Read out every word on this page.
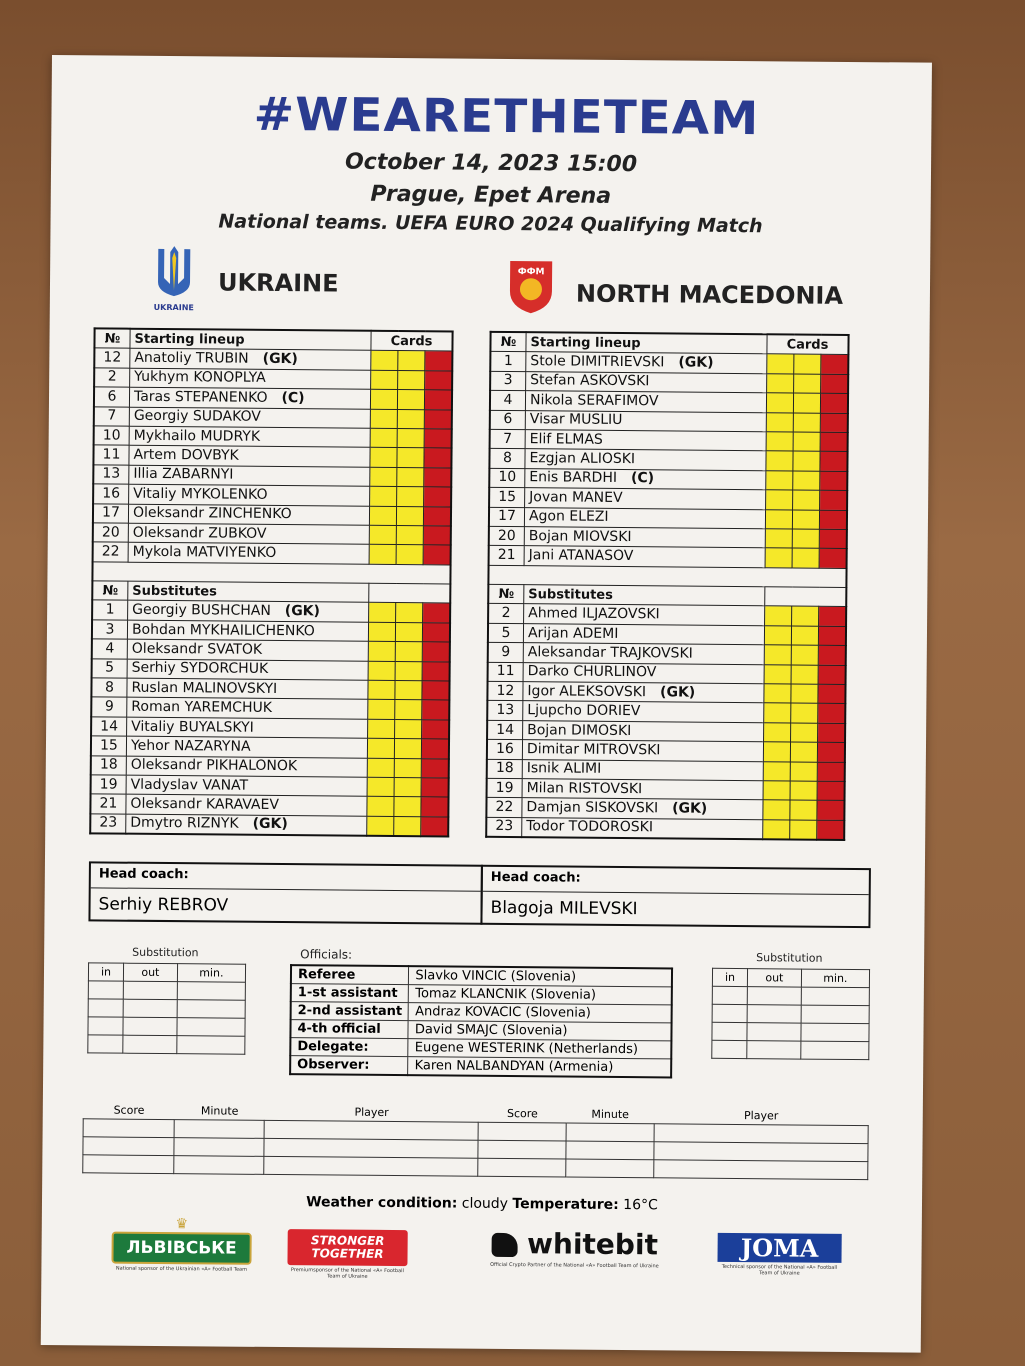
#WEARETHETEAM
October 14, 2023 15:00
Prague, Epet Arena
National teams. UEFA EURO 2024 Qualifying Match
UKRAINE
UKRAINE	ФФМ
NORTH MACEDONIA
№	Starting lineup	Cards		
12	Anatoliy TRUBIN (GK)			
2	Yukhym KONOPLYA			
6	Taras STEPANENKO (C)			
7	Georgiy SUDAKOV			
10	Mykhailo MUDRYK			
11	Artem DOVBYK			
13	Illia ZABARNYI			
16	Vitaliy MYKOLENKO			
17	Oleksandr ZINCHENKO			
20	Oleksandr ZUBKOV			
22	Mykola MATVIYENKO			

№	Substitutes			
1	Georgiy BUSHCHAN (GK)			
3	Bohdan MYKHAILICHENKO			
4	Oleksandr SVATOK			
5	Serhiy SYDORCHUK			
8	Ruslan MALINOVSKYI			
9	Roman YAREMCHUK			
14	Vitaliy BUYALSKYI			
15	Yehor NAZARYNA			
18	Oleksandr PIKHALONOK			
19	Vladyslav VANAT			
21	Oleksandr KARAVAEV			
23	Dmytro RIZNYK (GK)			
№	Starting lineup	Cards		
1	Stole DIMITRIEVSKI (GK)			
3	Stefan ASKOVSKI			
4	Nikola SERAFIMOV			
6	Visar MUSLIU			
7	Elif ELMAS			
8	Ezgjan ALIOSKI			
10	Enis BARDHI (C)			
15	Jovan MANEV			
17	Agon ELEZI			
20	Bojan MIOVSKI			
21	Jani ATANASOV			

№	Substitutes			
2	Ahmed ILJAZOVSKI			
5	Arijan ADEMI			
9	Aleksandar TRAJKOVSKI			
11	Darko CHURLINOV			
12	Igor ALEKSOVSKI (GK)			
13	Ljupcho DORIEV			
14	Bojan DIMOSKI			
16	Dimitar MITROVSKI			
18	Isnik ALIMI			
19	Milan RISTOVSKI			
22	Damjan SISKOVSKI (GK)			
23	Todor TODOROSKI			
Head coach:
Serhiy REBROV
Head coach:
Blagoja MILEVSKI
Substitution
in	out	min.

Substitution
in	out	min.

Officials:
Referee	Slavko VINCIC (Slovenia)
1-st assistant	Tomaz KLANCNIK (Slovenia)
2-nd assistant	Andraz KOVACIC (Slovenia)
4-th official	David SMAJC (Slovenia)
Delegate:	Eugene WESTERINK (Netherlands)
Observer:	Karen NALBANDYAN (Armenia)
Score	Minute	Player	Score	Minute	Player

Weather condition: cloudy Temperature: 16°C
♛
ЛЬВІВСЬКЕ
National sponsor of the Ukrainian «A» Football Team
STRONGER TOGETHER
Premiumsponsor of the National «A» Football Team of Ukraine
whitebit
Official Crypto Partner of the National «A» Football Team of Ukraine
JOMA
Technical sponsor of the National «A» Football Team of Ukraine
